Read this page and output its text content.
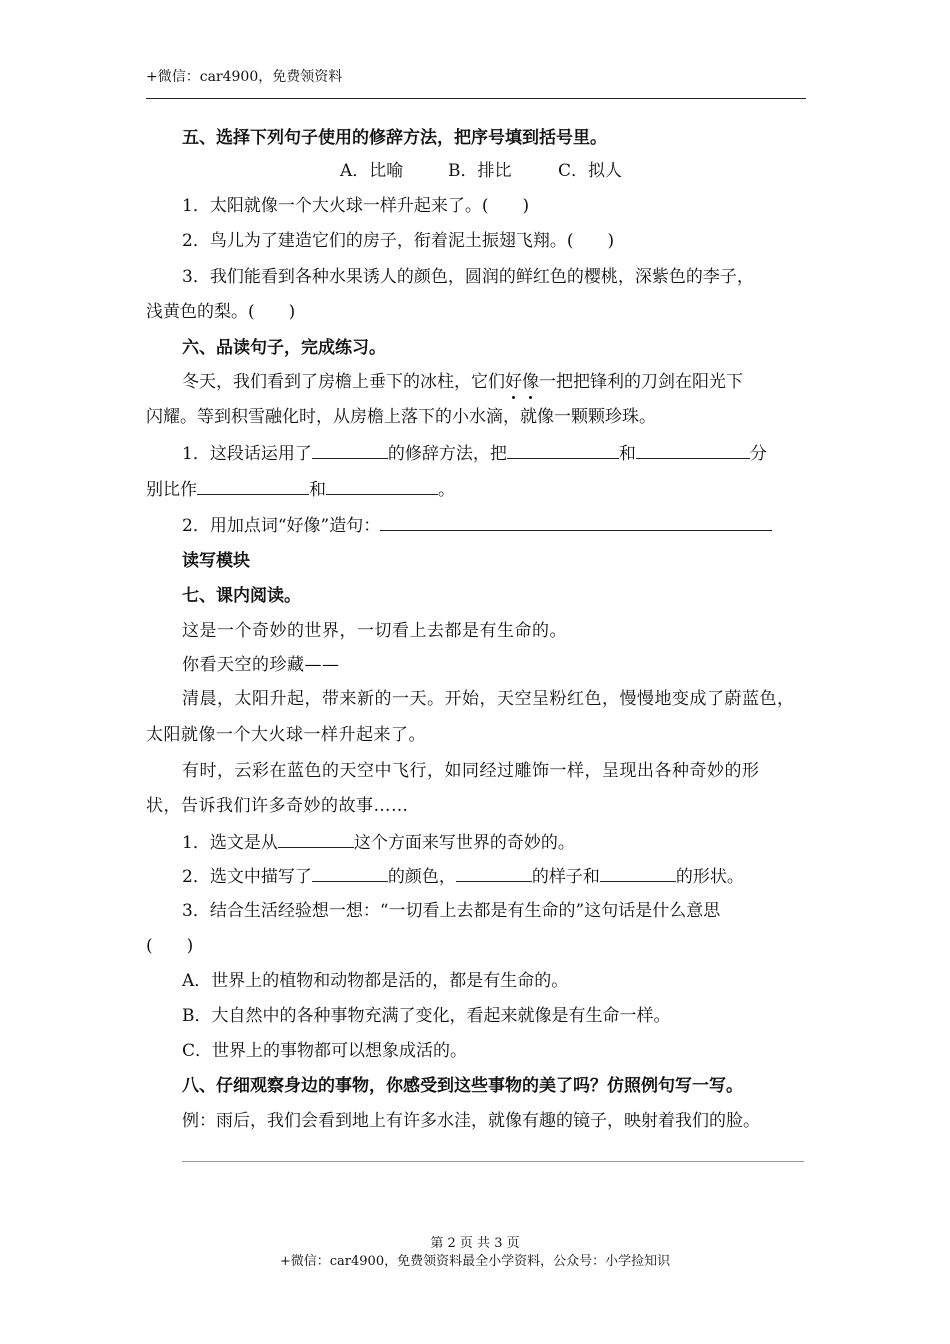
+微信：car4900，免费领资料
五、选择下列句子使用的修辞方法，把序号填到括号里。
A．比喻	B．排比	C．拟人
1．太阳就像一个大火球一样升起来了。(　　)
2．鸟儿为了建造它们的房子，衔着泥土振翅飞翔。(　　)
3．我们能看到各种水果诱人的颜色，圆润的鲜红色的樱桃，深紫色的李子，
浅黄色的梨。(　　)
六、品读句子，完成练习。
冬天，我们看到了房檐上垂下的冰柱，它们好像一把把锋利的刀剑在阳光下
闪耀。等到积雪融化时，从房檐上落下的小水滴，就像一颗颗珍珠。
1．这段话运用了	的修辞方法，把	和	分
别比作	和	。
2．用加点词“好像”造句：
读写模块
七、课内阅读。
这是一个奇妙的世界，一切看上去都是有生命的。
你看天空的珍藏——
清晨，太阳升起，带来新的一天。开始，天空呈粉红色，慢慢地变成了蔚蓝色，
太阳就像一个大火球一样升起来了。
有时，云彩在蓝色的天空中飞行，如同经过雕饰一样，呈现出各种奇妙的形
状，告诉我们许多奇妙的故事……
1．选文是从	这个方面来写世界的奇妙的。
2．选文中描写了	的颜色，	的样子和	的形状。
3．结合生活经验想一想：“一切看上去都是有生命的”这句话是什么意思
(　　)
A．世界上的植物和动物都是活的，都是有生命的。
B．大自然中的各种事物充满了变化，看起来就像是有生命一样。
C．世界上的事物都可以想象成活的。
八、仔细观察身边的事物，你感受到这些事物的美了吗？仿照例句写一写。
例：雨后，我们会看到地上有许多水洼，就像有趣的镜子，映射着我们的脸。
第 2 页 共 3 页
+微信：car4900，免费领资料最全小学资料，公众号：小学捡知识
